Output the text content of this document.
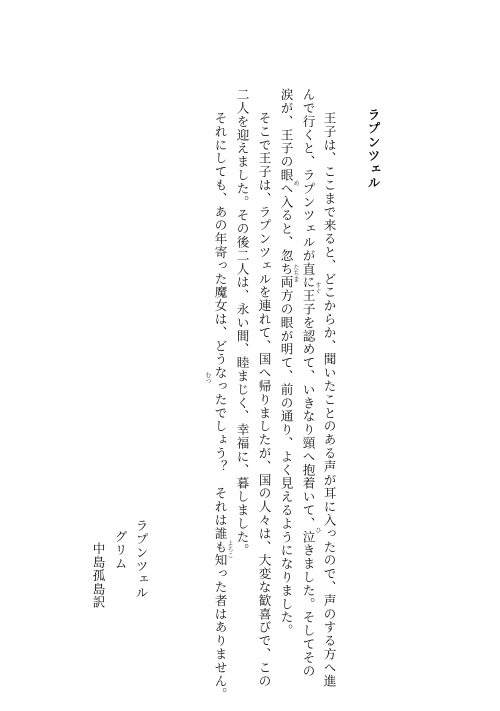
ラプンツェル

　王子は、ここまで来ると、どこからか、聞いたことのある声が耳に入ったので、声のする方へ進

んで行くと、ラプンツェルが直に王子を認めて、いきなり頸へ抱着いて、泣きました。そしてその

涙が、王子の眼へ入ると、忽ち両方の眼が明て、前の通り、よく見えるようになりました。

　そこで王子は、ラプンツェルを連れて、国へ帰りましたが、国の人々は、大変な歓喜びで、この

二人を迎えました。その後二人は、永い間、睦まじく、幸福に、暮しました。

　それにしても、あの年寄った魔女は、どうなったでしょう？　それは誰も知った者はありません。	すぐ
め
たちま
ひ
よろこ
むつ
ラプンツェル
グリム
中島孤島訳
